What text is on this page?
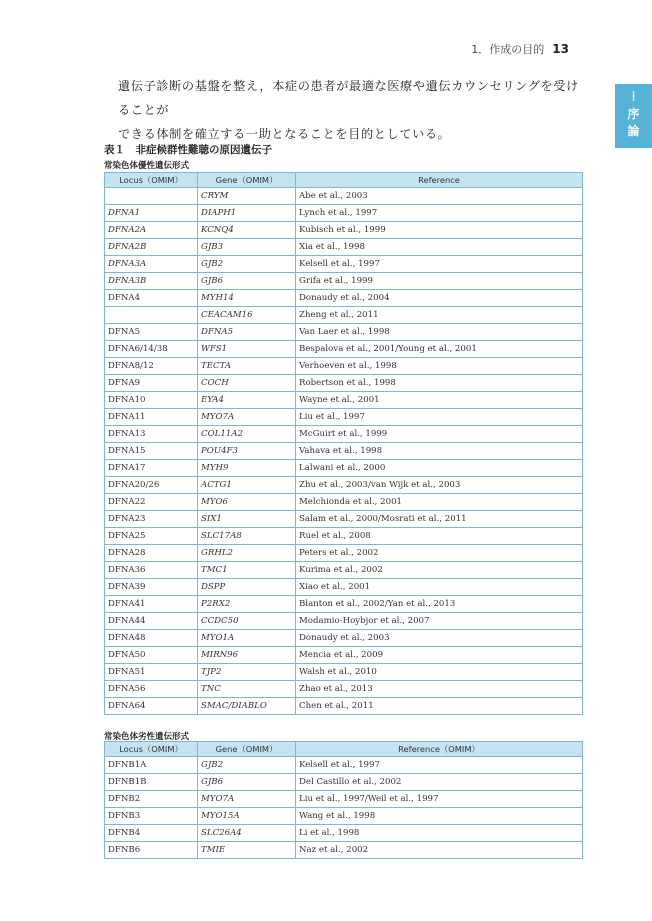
1．作成の目的 13
I
序
論

遺伝子診断の基盤を整え，本症の患者が最適な医療や遺伝カウンセリングを受けることが

できる体制を確立する一助となることを目的としている。

表１　非症候群性難聴の原因遺伝子
常染色体優性遺伝形式
Locus（OMIM）	Gene（OMIM）	Reference
	CRYM	Abe et al., 2003
DFNA1	DIAPH1	Lynch et al., 1997
DFNA2A	KCNQ4	Kubisch et al., 1999
DFNA2B	GJB3	Xia et al., 1998
DFNA3A	GJB2	Kelsell et al., 1997
DFNA3B	GJB6	Grifa et al., 1999
DFNA4	MYH14	Donaudy et al., 2004
	CEACAM16	Zheng et al., 2011
DFNA5	DFNA5	Van Laer et al., 1998
DFNA6/14/38	WFS1	Bespalova et al., 2001/Young et al., 2001
DFNA8/12	TECTA	Verhoeven et al., 1998
DFNA9	COCH	Robertson et al., 1998
DFNA10	EYA4	Wayne et al., 2001
DFNA11	MYO7A	Liu et al., 1997
DFNA13	COL11A2	McGuirt et al., 1999
DFNA15	POU4F3	Vahava et al., 1998
DFNA17	MYH9	Lalwani et al., 2000
DFNA20/26	ACTG1	Zhu et al., 2003/van Wijk et al., 2003
DFNA22	MYO6	Melchionda et al., 2001
DFNA23	SIX1	Salam et al., 2000/Mosrati et al., 2011
DFNA25	SLC17A8	Ruel et al., 2008
DFNA28	GRHL2	Peters et al., 2002
DFNA36	TMC1	Kurima et al., 2002
DFNA39	DSPP	Xiao et al., 2001
DFNA41	P2RX2	Blanton et al., 2002/Yan et al., 2013
DFNA44	CCDC50	Modamio-Hoybjor et al., 2007
DFNA48	MYO1A	Donaudy et al., 2003
DFNA50	MIRN96	Mencia et al., 2009
DFNA51	TJP2	Walsh et al., 2010
DFNA56	TNC	Zhao et al., 2013
DFNA64	SMAC/DIABLO	Chen et al., 2011
常染色体劣性遺伝形式
Locus（OMIM）	Gene（OMIM）	Reference（OMIM）
DFNB1A	GJB2	Kelsell et al., 1997
DFNB1B	GJB6	Del Castillo et al., 2002
DFNB2	MYO7A	Liu et al., 1997/Weil et al., 1997
DFNB3	MYO15A	Wang et al., 1998
DFNB4	SLC26A4	Li et al., 1998
DFNB6	TMIE	Naz et al., 2002
